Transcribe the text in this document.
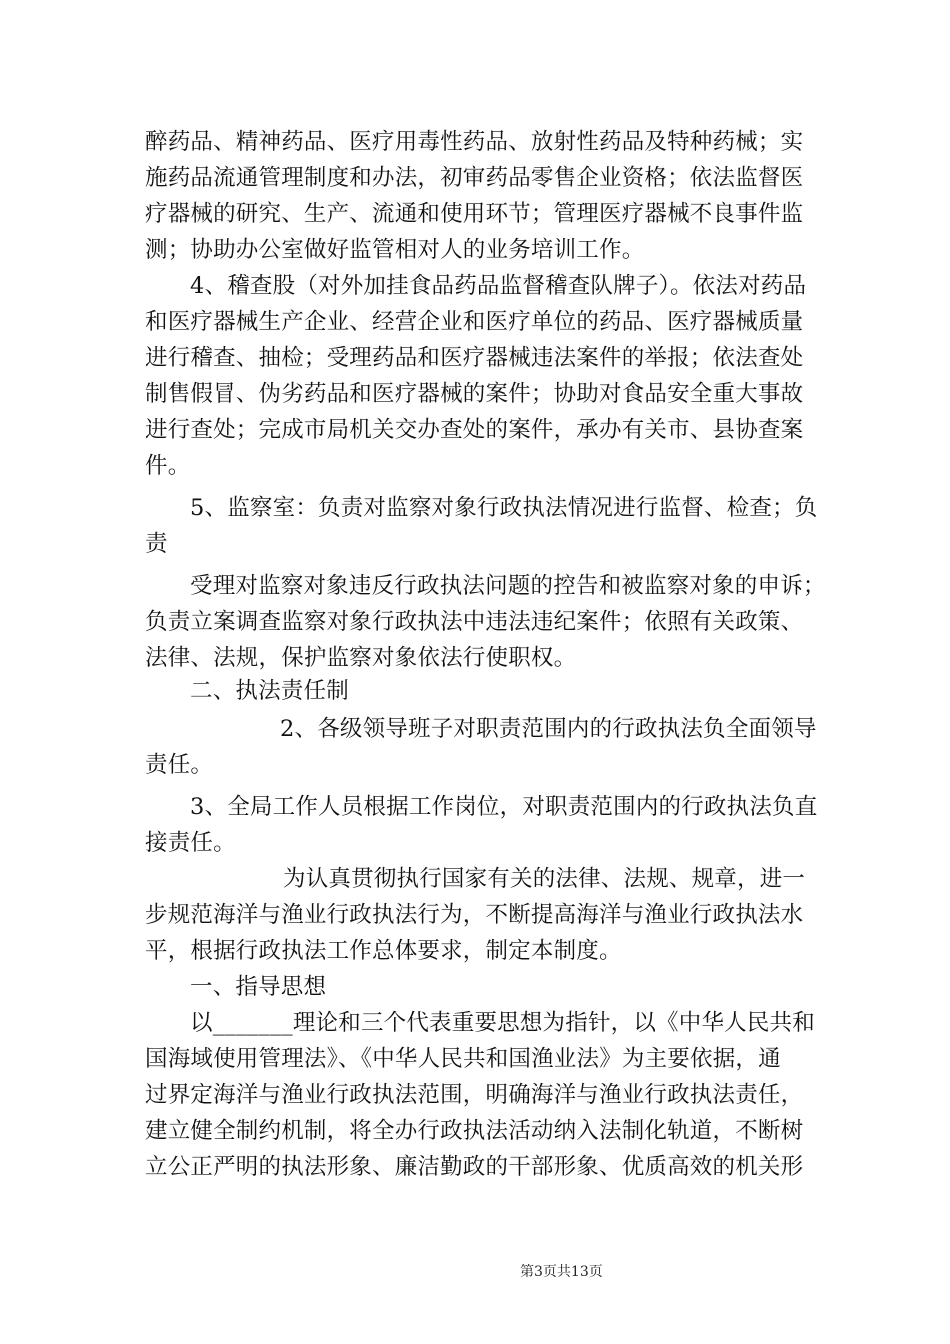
醉药品、精神药品、医疗用毒性药品、放射性药品及特种药械；实
施药品流通管理制度和办法，初审药品零售企业资格；依法监督医
疗器械的研究、生产、流通和使用环节；管理医疗器械不良事件监
测；协助办公室做好监管相对人的业务培训工作。
4、稽查股（对外加挂食品药品监督稽查队牌子）。依法对药品
和医疗器械生产企业、经营企业和医疗单位的药品、医疗器械质量
进行稽查、抽检；受理药品和医疗器械违法案件的举报；依法查处
制售假冒、伪劣药品和医疗器械的案件；协助对食品安全重大事故
进行查处；完成市局机关交办查处的案件，承办有关市、县协查案
件。
5、监察室：负责对监察对象行政执法情况进行监督、检查；负
责
受理对监察对象违反行政执法问题的控告和被监察对象的申诉；
负责立案调查监察对象行政执法中违法违纪案件；依照有关政策、
法律、法规，保护监察对象依法行使职权。
二、执法责任制
2、各级领导班子对职责范围内的行政执法负全面领导
责任。
3、全局工作人员根据工作岗位，对职责范围内的行政执法负直
接责任。
为认真贯彻执行国家有关的法律、法规、规章，进一
步规范海洋与渔业行政执法行为，不断提高海洋与渔业行政执法水
平，根据行政执法工作总体要求，制定本制度。
一、指导思想
以_______理论和三个代表重要思想为指针，以《中华人民共和
国海域使用管理法》、《中华人民共和国渔业法》为主要依据，通
过界定海洋与渔业行政执法范围，明确海洋与渔业行政执法责任，
建立健全制约机制，将全办行政执法活动纳入法制化轨道，不断树
立公正严明的执法形象、廉洁勤政的干部形象、优质高效的机关形
第3页共13页
